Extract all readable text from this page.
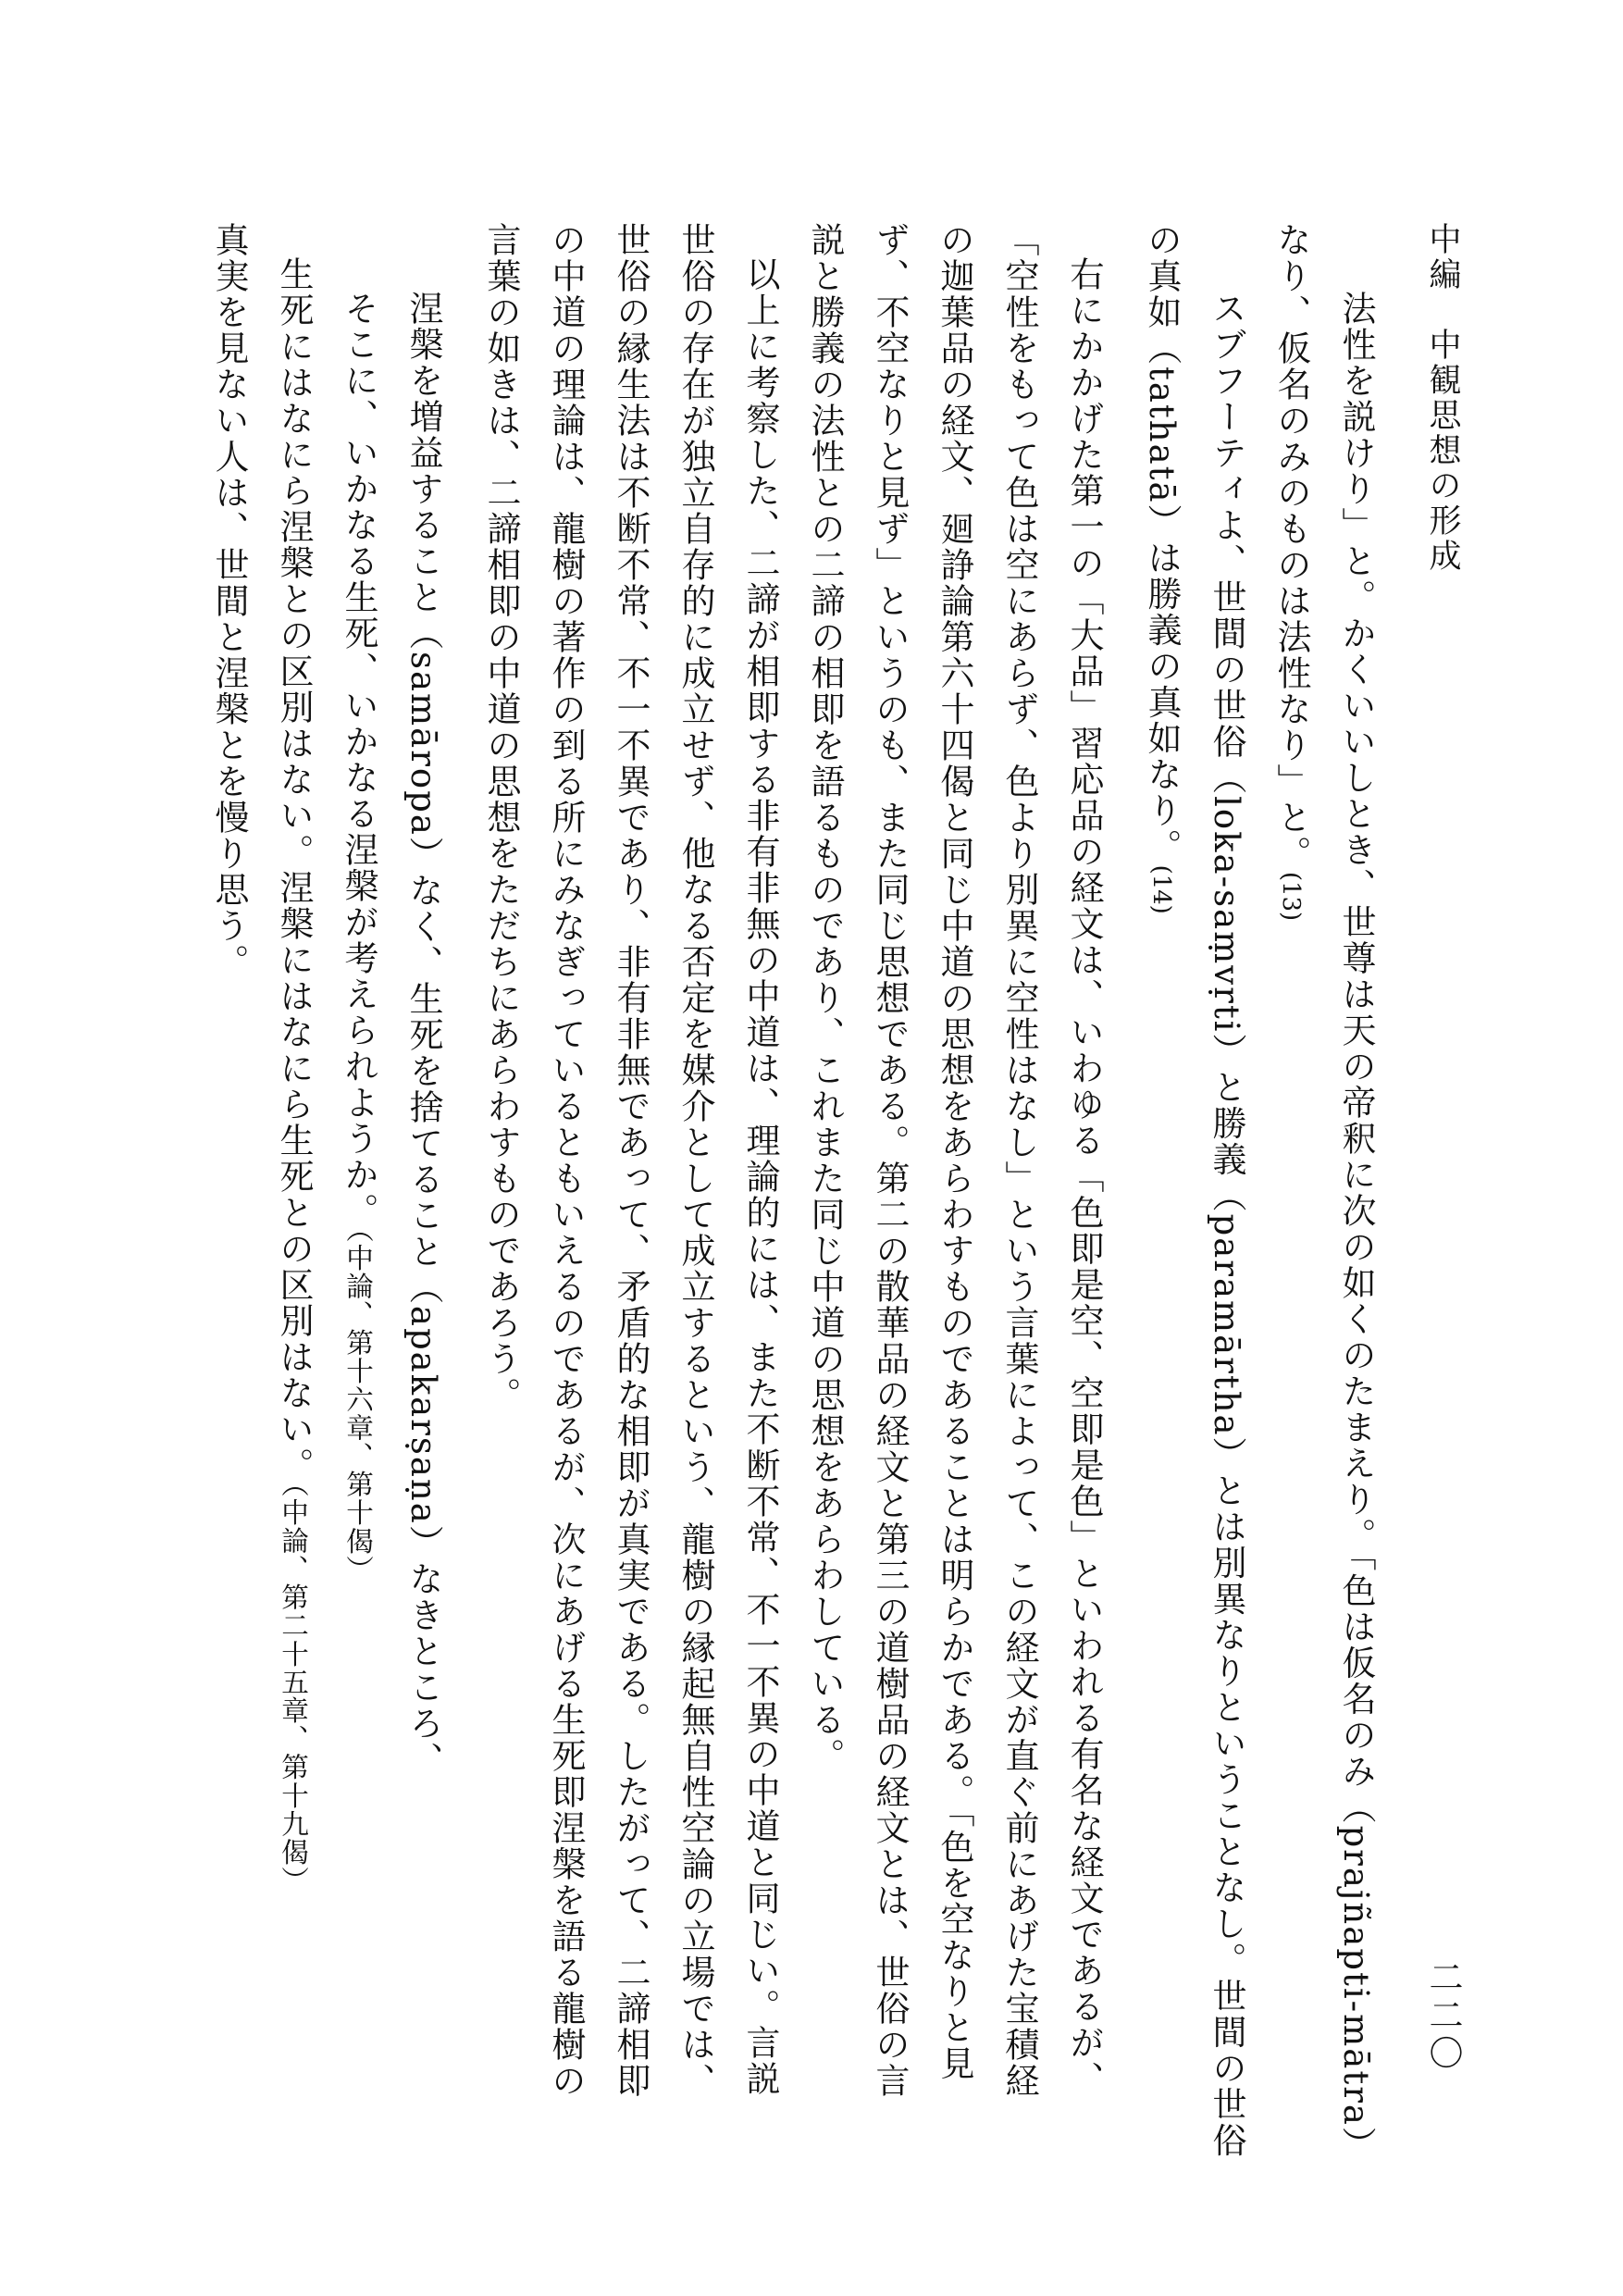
中編　中観思想の形成
二二〇

法性を説けり」と。かくいいしとき、世尊は天の帝釈に次の如くのたまえり。「色は仮名のみ（prajñapti-mātra）

なり、仮名のみのものは法性なり」と。(13)

スブフーティよ、世間の世俗（loka-saṃvṛti）と勝義（paramārtha）とは別異なりということなし。世間の世俗

の真如（tathatā）は勝義の真如なり。(14)

右にかかげた第一の「大品」習応品の経文は、いわゆる「色即是空、空即是色」といわれる有名な経文であるが、

「空性をもって色は空にあらず、色より別異に空性はなし」という言葉によって、この経文が直ぐ前にあげた宝積経

の迦葉品の経文、廻諍論第六十四偈と同じ中道の思想をあらわすものであることは明らかである。「色を空なりと見

ず、不空なりと見ず」というのも、また同じ思想である。第二の散華品の経文と第三の道樹品の経文とは、世俗の言

説と勝義の法性との二諦の相即を語るものであり、これまた同じ中道の思想をあらわしている。

以上に考察した、二諦が相即する非有非無の中道は、理論的には、また不断不常、不一不異の中道と同じい。言説

世俗の存在が独立自存的に成立せず、他なる否定を媒介として成立するという、龍樹の縁起無自性空論の立場では、

世俗の縁生法は不断不常、不一不異であり、非有非無であって、矛盾的な相即が真実である。したがって、二諦相即

の中道の理論は、龍樹の著作の到る所にみなぎっているともいえるのであるが、次にあげる生死即涅槃を語る龍樹の

言葉の如きは、二諦相即の中道の思想をただちにあらわすものであろう。

涅槃を増益すること（samāropa）なく、生死を捨てること（apakarṣaṇa）なきところ、

そこに、いかなる生死、いかなる涅槃が考えられようか。（中論、第十六章、第十偈）

生死にはなにら涅槃との区別はない。涅槃にはなにら生死との区別はない。（中論、第二十五章、第十九偈）

真実を見ない人は、世間と涅槃とを慢り思う。
